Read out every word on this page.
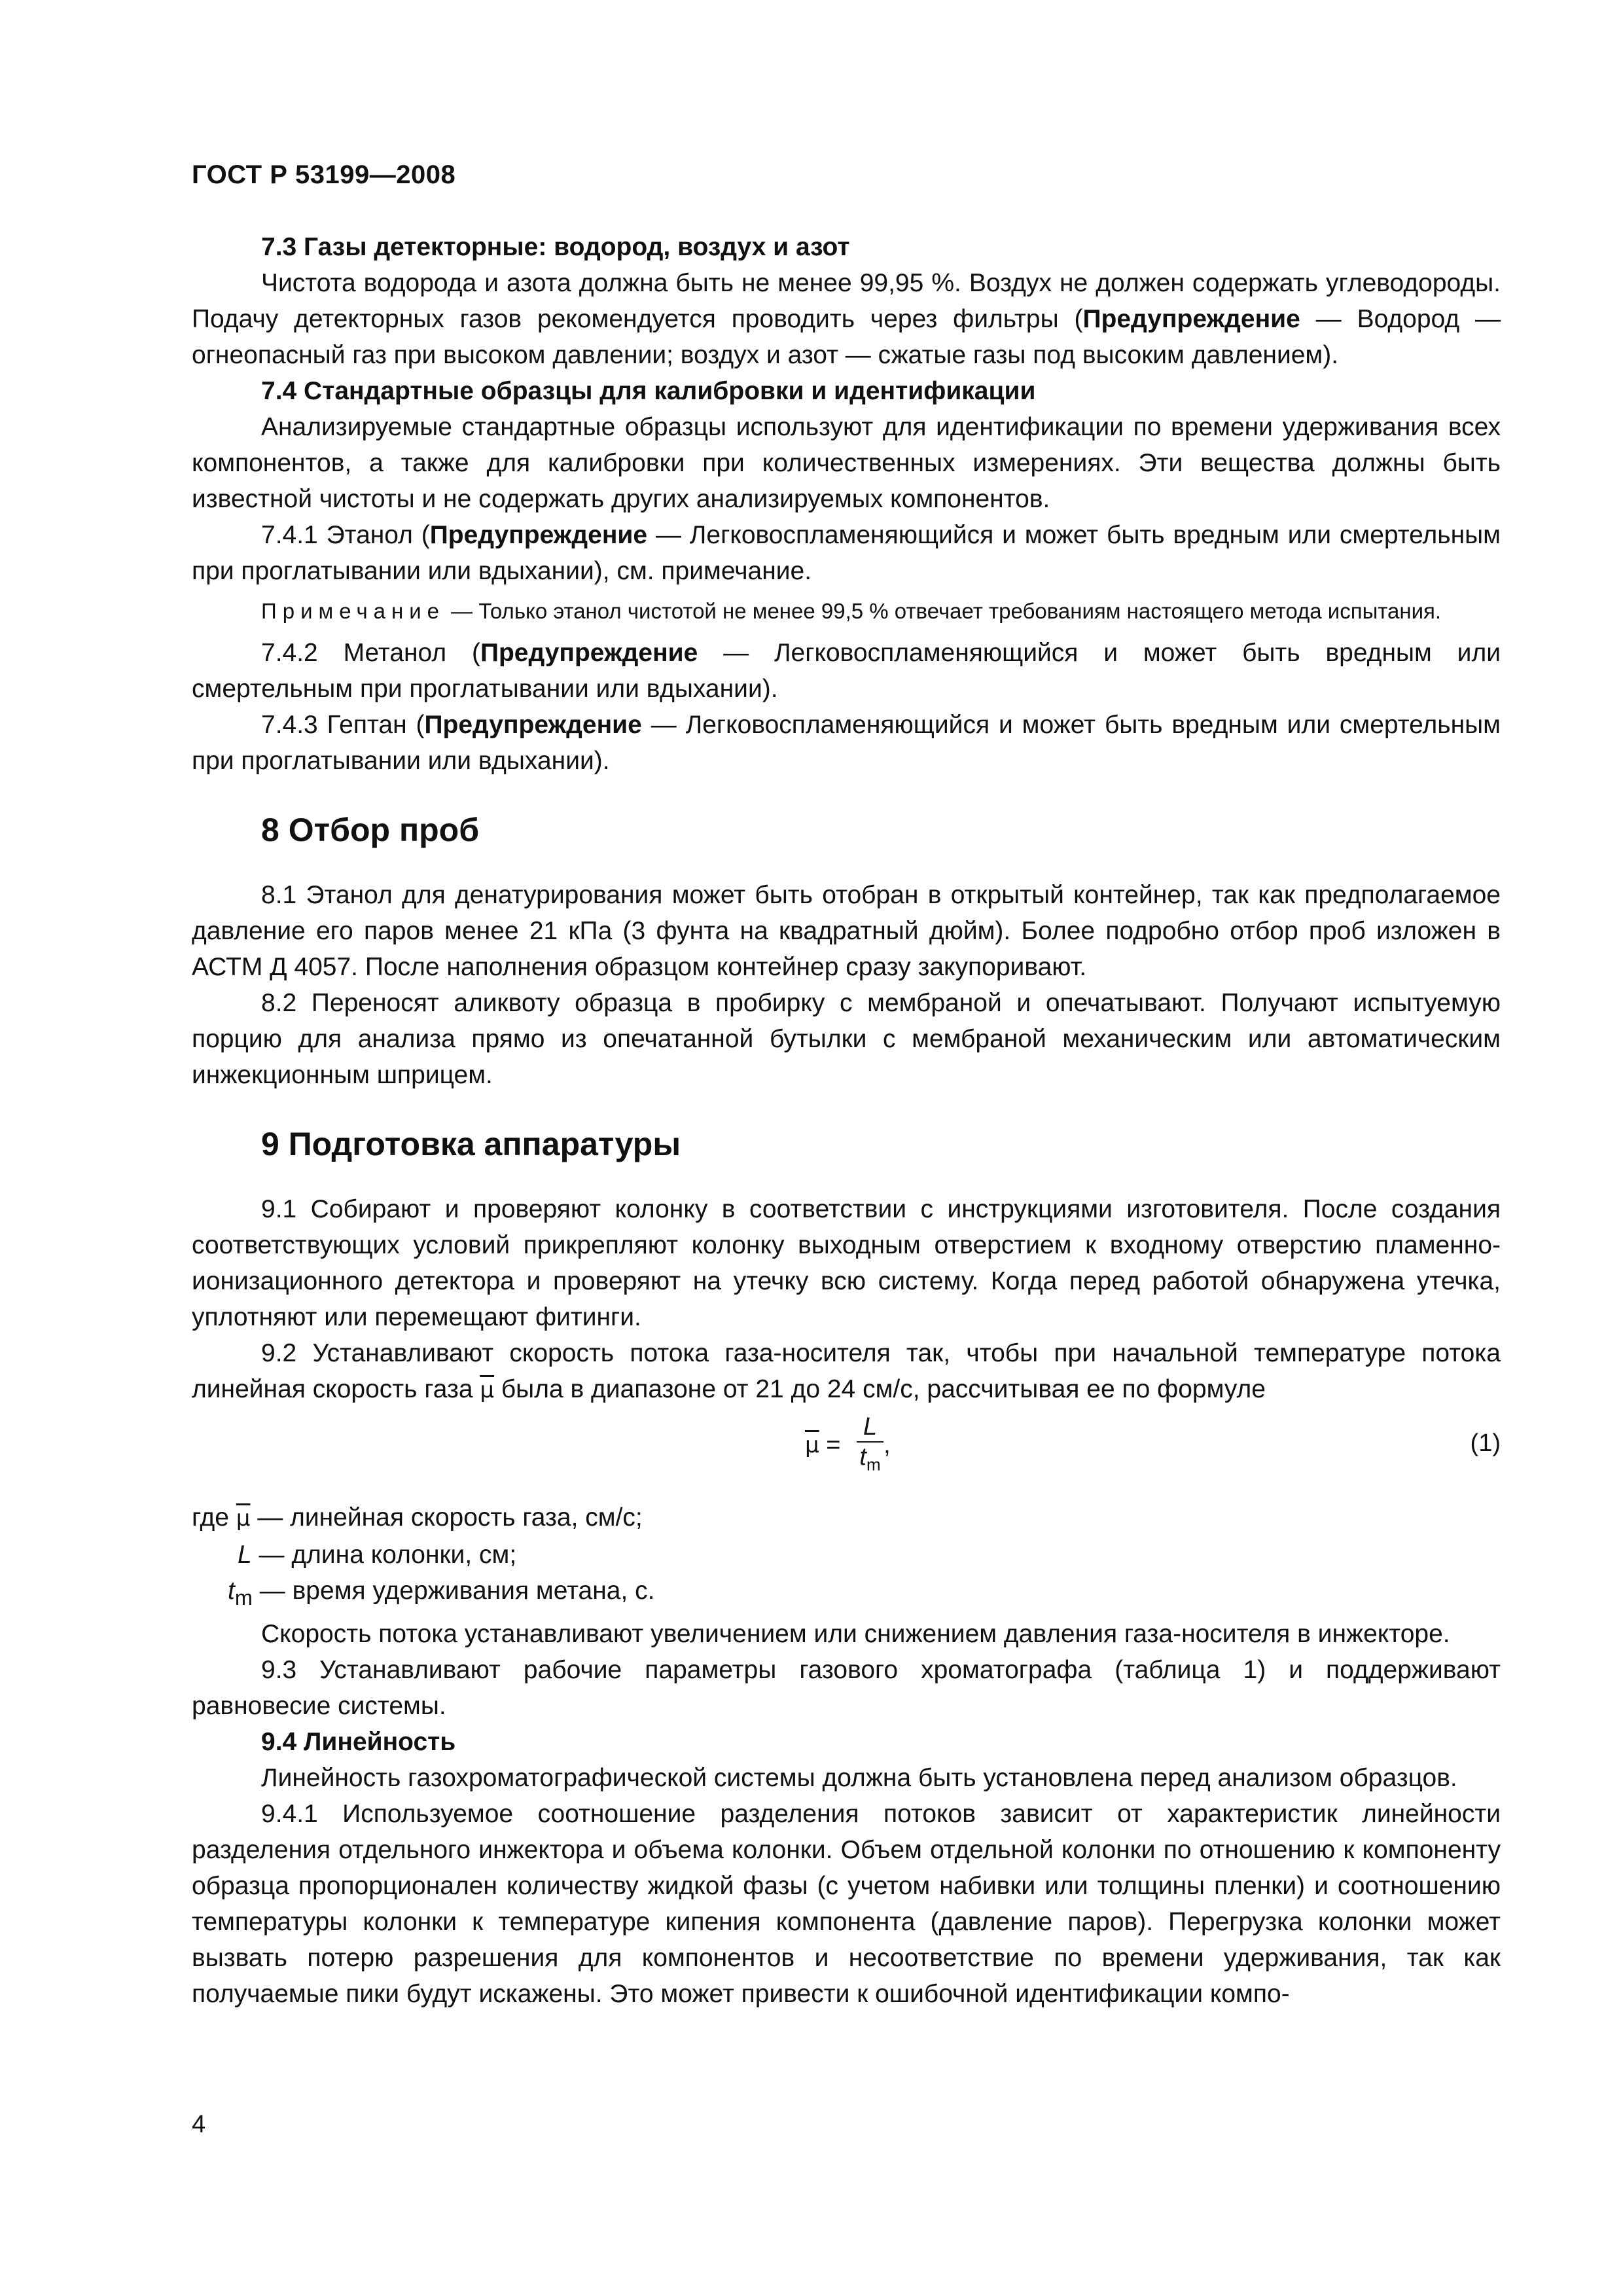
ГОСТ Р 53199—2008
7.3 Газы детекторные: водород, воздух и азот

Чистота водорода и азота должна быть не менее 99,95 %. Воздух не должен содержать углеводороды. Подачу детекторных газов рекомендуется проводить через фильтры (Предупреждение — Водород — огнеопасный газ при высоком давлении; воздух и азот — сжатые газы под высоким давлением).

7.4 Стандартные образцы для калибровки и идентификации

Анализируемые стандартные образцы используют для идентификации по времени удерживания всех компонентов, а также для калибровки при количественных измерениях. Эти вещества должны быть известной чистоты и не содержать других анализируемых компонентов.

7.4.1 Этанол (Предупреждение — Легковоспламеняющийся и может быть вредным или смертельным при проглатывании или вдыхании), см. примечание.

Примечание — Только этанол чистотой не менее 99,5 % отвечает требованиям настоящего метода испытания.

7.4.2 Метанол (Предупреждение — Легковоспламеняющийся и может быть вредным или смертельным при проглатывании или вдыхании).

7.4.3 Гептан (Предупреждение — Легковоспламеняющийся и может быть вредным или смертельным при проглатывании или вдыхании).

8 Отбор проб

8.1 Этанол для денатурирования может быть отобран в открытый контейнер, так как предполагаемое давление его паров менее 21 кПа (3 фунта на квадратный дюйм). Более подробно отбор проб изложен в АСТМ Д 4057. После наполнения образцом контейнер сразу закупоривают.

8.2 Переносят аликвоту образца в пробирку с мембраной и опечатывают. Получают испытуемую порцию для анализа прямо из опечатанной бутылки с мембраной механическим или автоматическим инжекционным шприцем.

9 Подготовка аппаратуры

9.1 Собирают и проверяют колонку в соответствии с инструкциями изготовителя. После создания соответствующих условий прикрепляют колонку выходным отверстием к входному отверстию пламенно-ионизационного детектора и проверяют на утечку всю систему. Когда перед работой обнаружена утечка, уплотняют или перемещают фитинги.

9.2 Устанавливают скорость потока газа-носителя так, чтобы при начальной температуре потока линейная скорость газа $\overline{\mu}$ была в диапазоне от 21 до 24 см/с, рассчитывая ее по формуле

$\overline{\mu} = \frac{L}{t_m}$ ,	(1)
где $\overline{\mu}$ — линейная скорость газа, см/с;
L — длина колонки, см;
$t_m$ — время удерживания метана, с.

Скорость потока устанавливают увеличением или снижением давления газа-носителя в инжекторе.

9.3 Устанавливают рабочие параметры газового хроматографа (таблица 1) и поддерживают равновесие системы.

9.4 Линейность

Линейность газохроматографической системы должна быть установлена перед анализом образцов.

9.4.1 Используемое соотношение разделения потоков зависит от характеристик линейности разделения отдельного инжектора и объема колонки. Объем отдельной колонки по отношению к компоненту образца пропорционален количеству жидкой фазы (с учетом набивки или толщины пленки) и соотношению температуры колонки к температуре кипения компонента (давление паров). Перегрузка колонки может вызвать потерю разрешения для компонентов и несоответствие по времени удерживания, так как получаемые пики будут искажены. Это может привести к ошибочной идентификации компо-

4
